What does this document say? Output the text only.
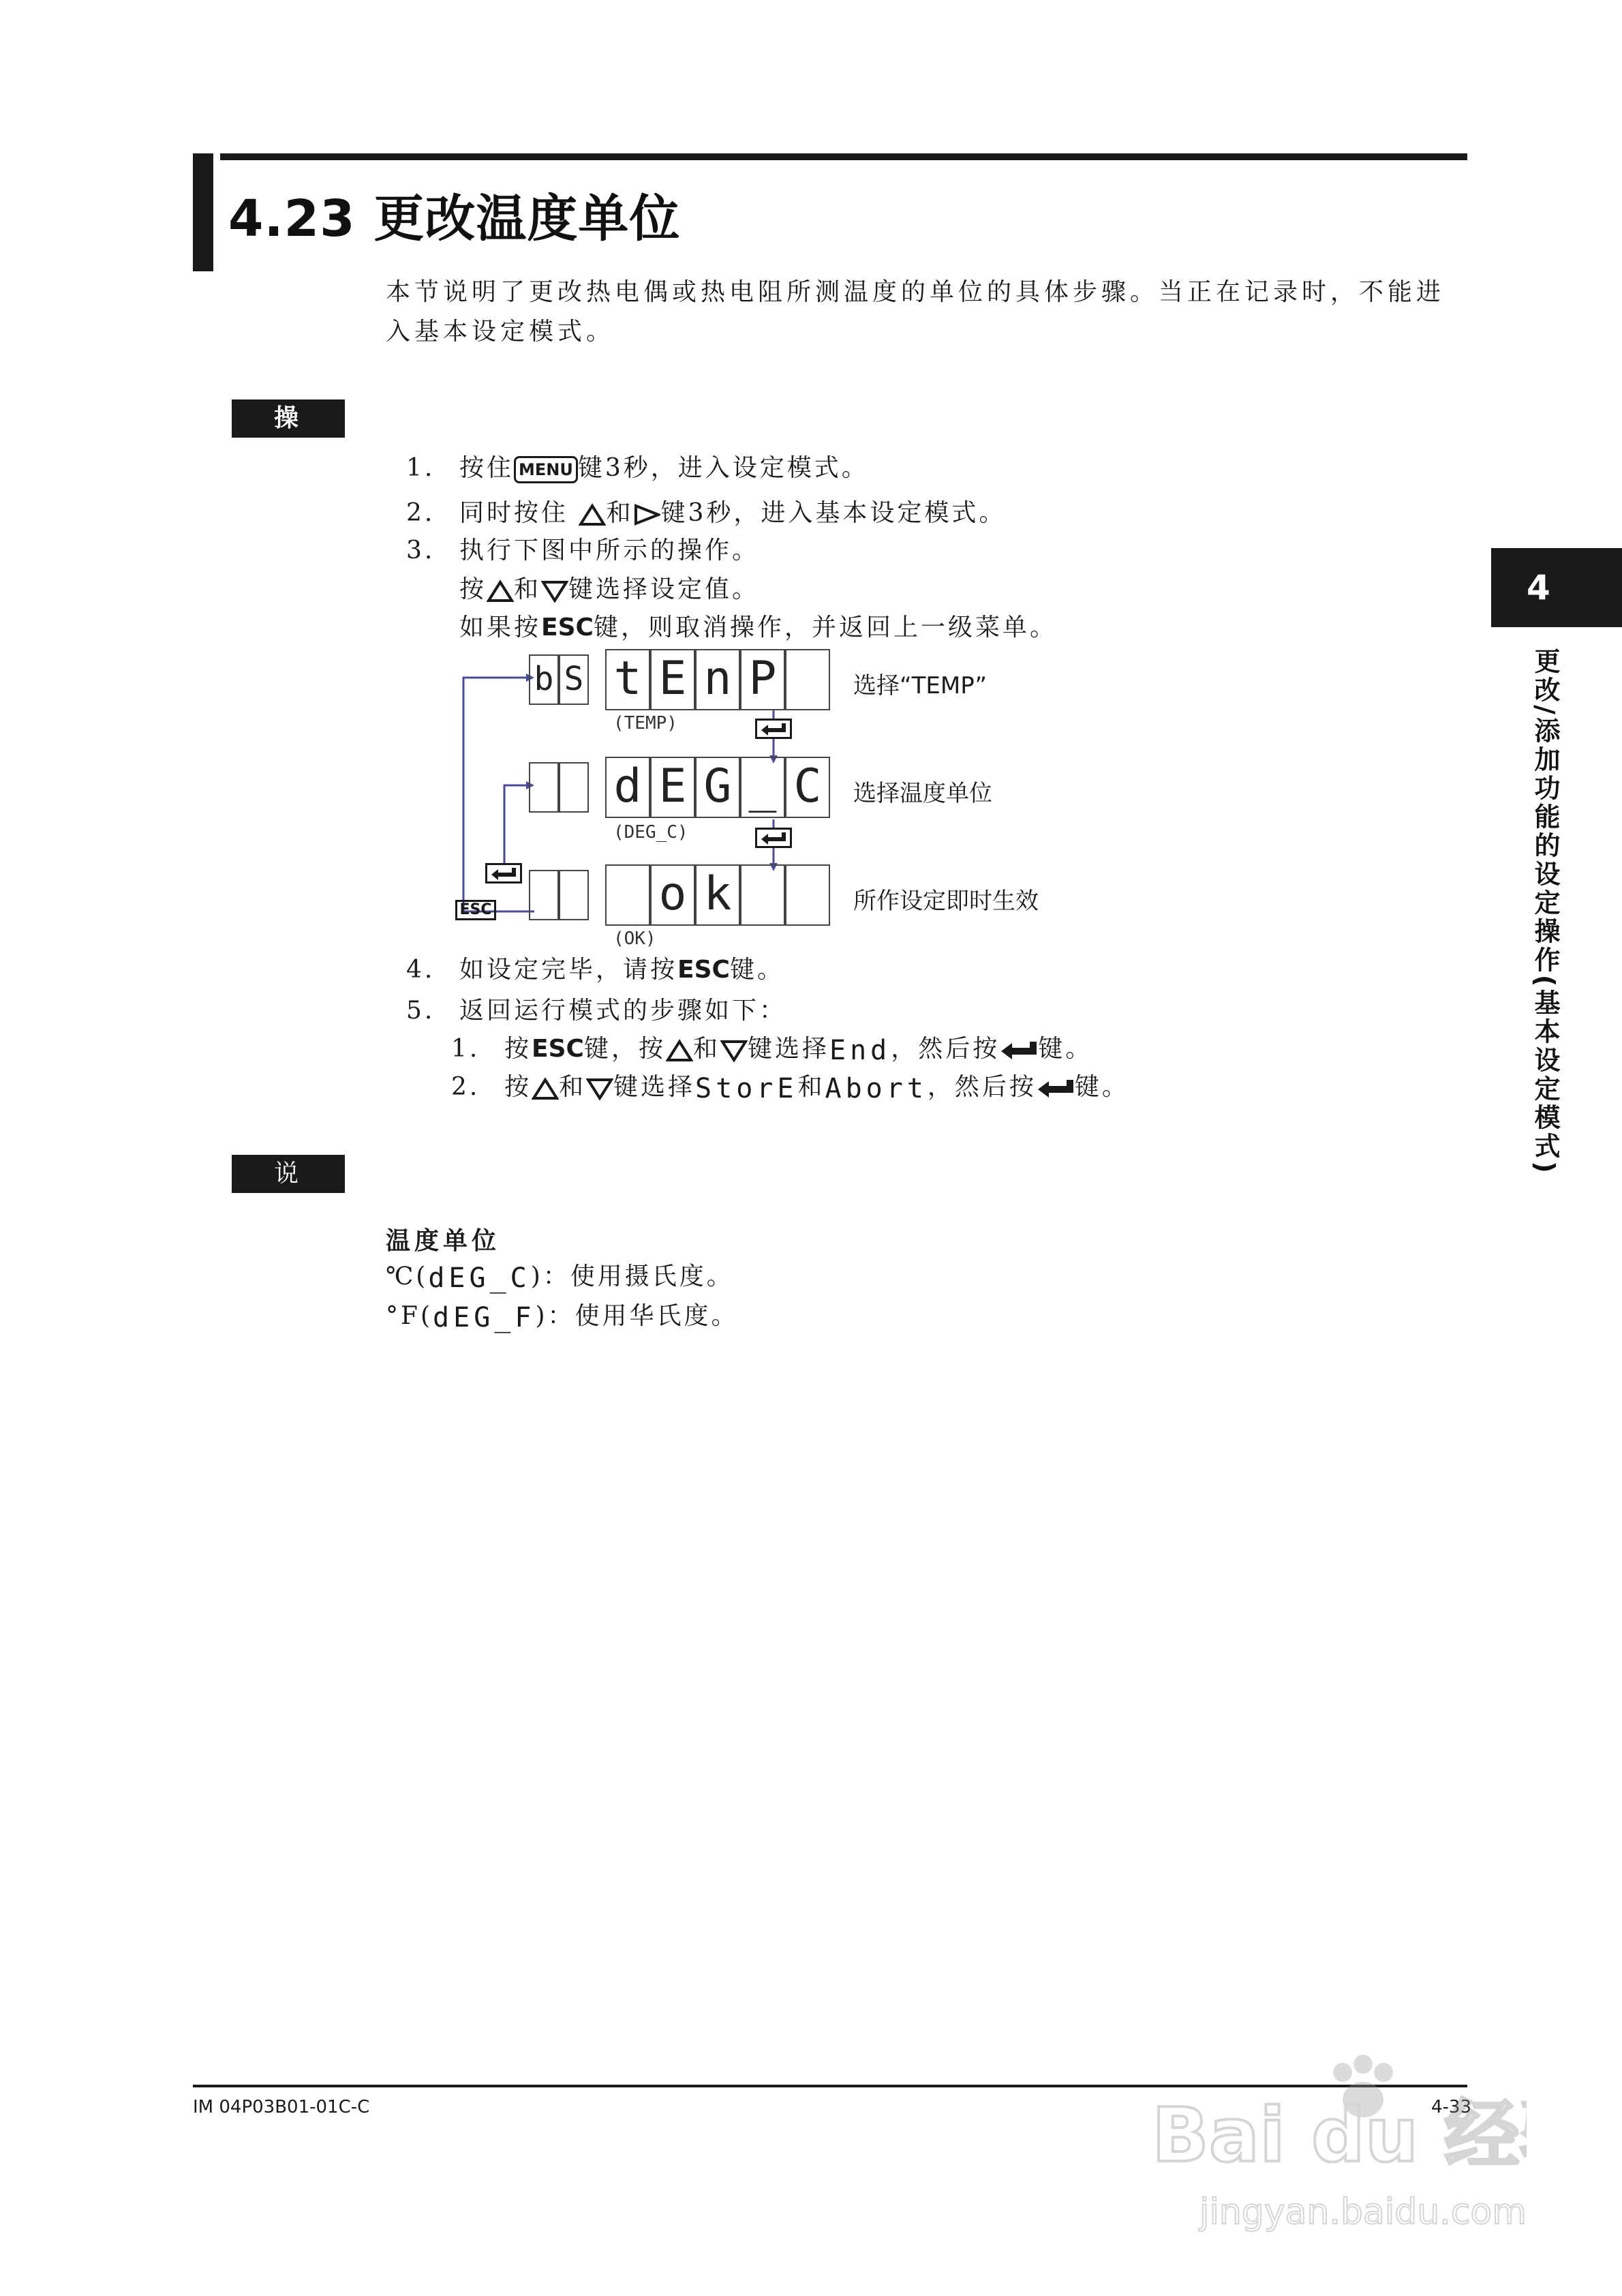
4.23 更改温度单位
本节说明了更改热电偶或热电阻所测温度的单位的具体步骤。当正在记录时，不能进入基本设定模式。
操 作	1. 按住 MENU 键3秒，进入设定模式。
2. 同时按住 和 键3秒，进入基本设定模式。
3. 执行下图中所示的操作。
按 和 键选择设定值。
如果按ESC键，则取消操作，并返回上一级菜单。
b S t E n P
(TEMP)
选择“TEMP”
d E G _ C
(DEG_C)
选择温度单位
ESC	o k
(OK)
所作设定即时生效
4. 如设定完毕，请按ESC键。
5. 返回运行模式的步骤如下：
1. 按ESC键，按 和 键选择End，然后按 键。
2. 按 和 键选择StorE和Abort，然后按 键。
4
更改/添加功能的设定操作(基本设定模式)
说 明
温度单位
℃(dEG_C)：使用摄氏度。
°F(dEG_F)：使用华氏度。
IM 04P03B01-01C-C	4-33
Bai du 经
jingyan.baidu.com
